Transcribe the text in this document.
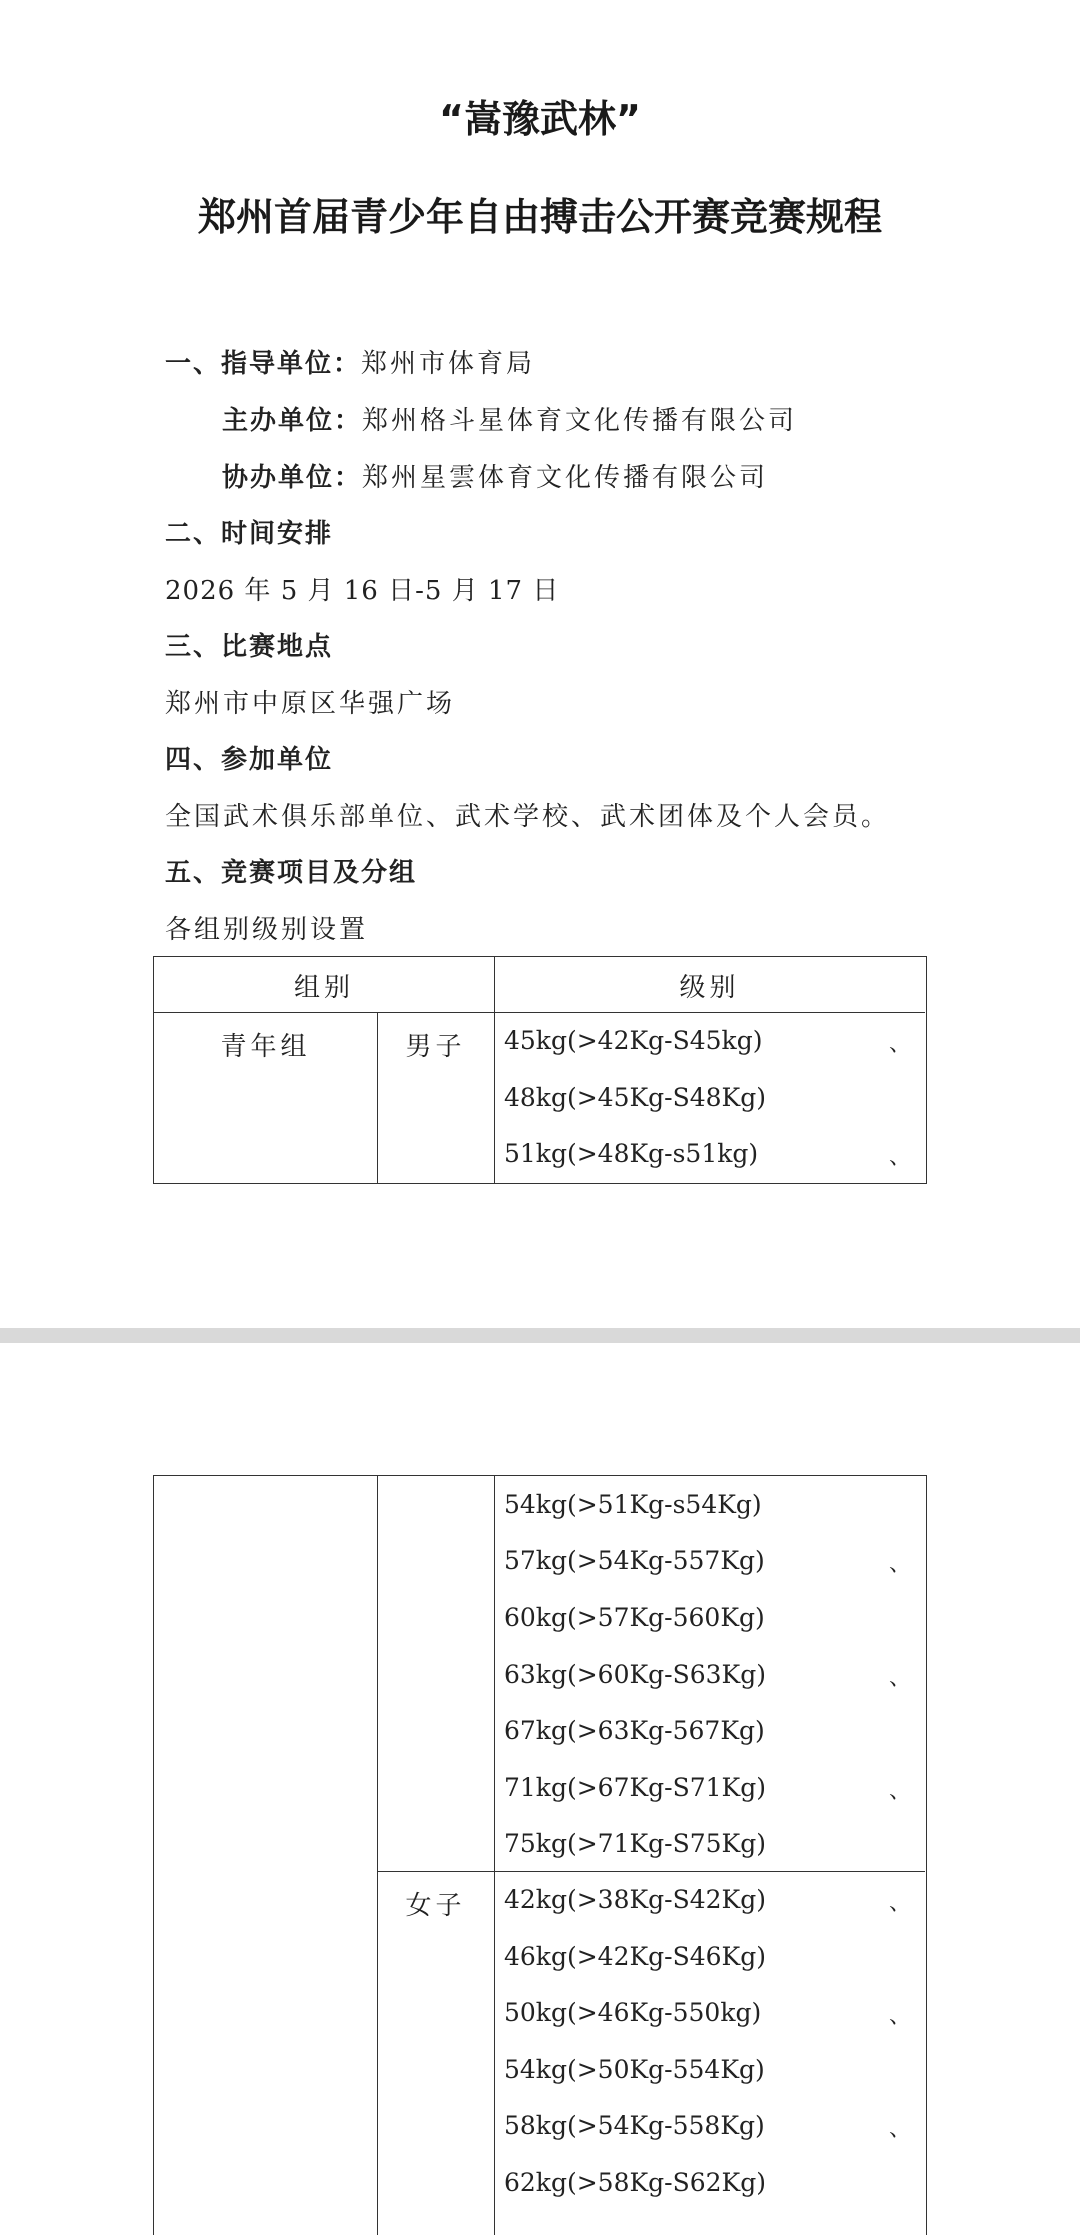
“嵩豫武林”
郑州首届青少年自由搏击公开赛竞赛规程
一、指导单位：郑州市体育局
主办单位：郑州格斗星体育文化传播有限公司
协办单位：郑州星雲体育文化传播有限公司
二、时间安排
2026 年 5 月 16 日-5 月 17 日
三、比赛地点
郑州市中原区华强广场
四、参加单位
全国武术俱乐部单位、武术学校、武术团体及个人会员。
五、竞赛项目及分组
各组别级别设置
组别	级别
青年组	男子	45kg(>42Kg-S45kg)	、
48kg(>45Kg-S48Kg)
51kg(>48Kg-s51kg)	、
54kg(>51Kg-s54Kg)
57kg(>54Kg-557Kg)	、
60kg(>57Kg-560Kg)
63kg(>60Kg-S63Kg)	、
67kg(>63Kg-567Kg)
71kg(>67Kg-S71Kg)	、
75kg(>71Kg-S75Kg)
女子	42kg(>38Kg-S42Kg)	、
46kg(>42Kg-S46Kg)
50kg(>46Kg-550kg)	、
54kg(>50Kg-554Kg)
58kg(>54Kg-558Kg)	、
62kg(>58Kg-S62Kg)
